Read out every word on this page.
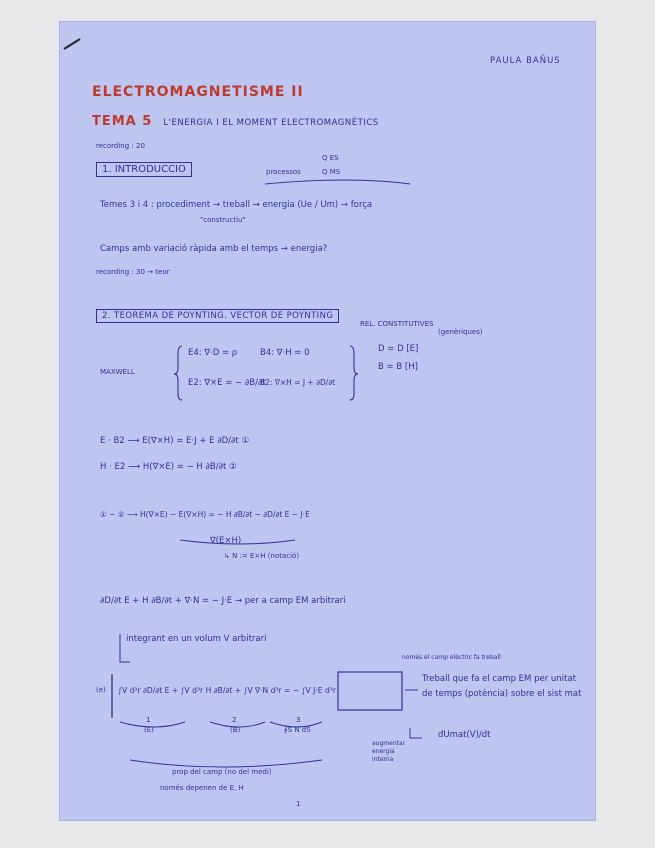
PAULA BAÑUS
ELECTROMAGNETISME II
TEMA 5 L'ENERGIA I EL MOMENT ELECTROMAGNÈTICS
recording : 20
1. INTRODUCCIO	processos
Q ES
Q MS
Temes 3 i 4 : procediment → treball → energia (Ue / Um) → força
"constructiu"
Camps amb variació ràpida amb el temps → energia?
recording : 30 → teor
2. TEOREMA DE POYNTING. VECTOR DE POYNTING
REL. CONSTITUTIVES
(genèriques)
D = D [E]
B = B [H]
MAXWELL
E4: ∇·D = ρ	B4: ∇·H = 0
E2: ∇×E = − ∂B/∂t
B2: ∇×H = J + ∂D/∂t
E · B2 ⟶ E(∇×H) = E·J + E ∂D/∂t ①
H · E2 ⟶ H(∇×E) = − H ∂B/∂t ②
① − ② ⟶ H(∇×E) − E(∇×H) = − H ∂B/∂t − ∂D/∂t E − J·E
∇(E×H)
↳ N := E×H (notació)
∂D/∂t E + H ∂B/∂t + ∇·N = − J·E → per a camp EM arbitrari
integrant en un volum V arbitrari
(e) ∫V d³r ∂D/∂t E + ∫V d³r H ∂B/∂t + ∫V ∇·N d³r = − ∫V J·E d³r
només el camp elèctric fa treball
Treball que fa el camp EM per unitat de temps (potència) sobre el sist mat
1
(E)
2
(B)
3
∮S N dS
augmentar energia interna
dUmat(V)/dt
prop del camp (no del medi)
només depenen de E, H
1
